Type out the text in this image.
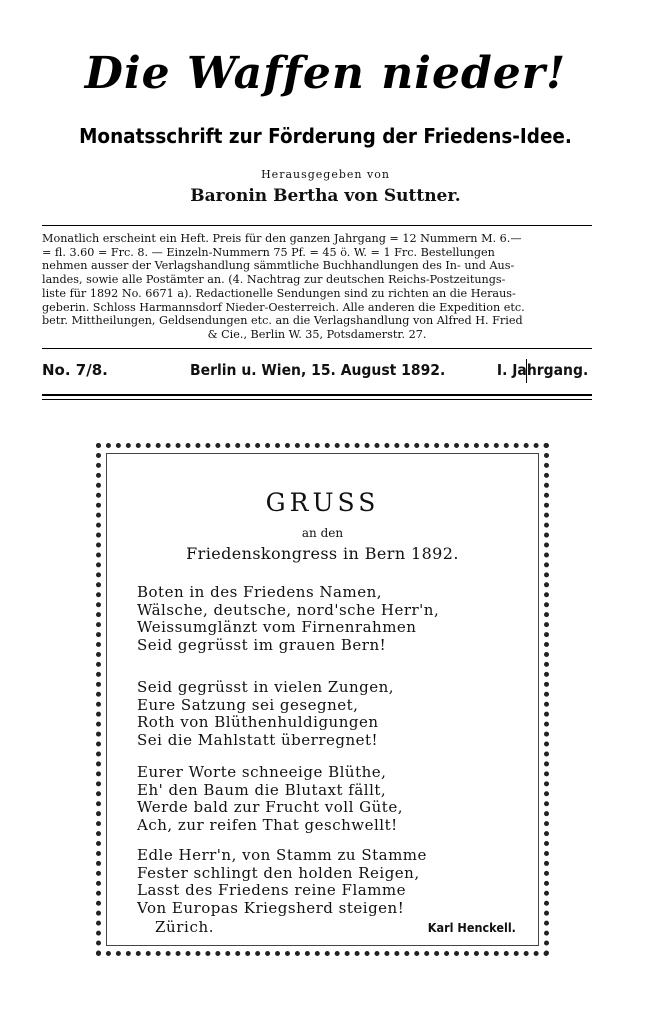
Die Waffen nieder!
Monatsschrift zur Förderung der Friedens-Idee.
Herausgegeben von
Baronin Bertha von Suttner.
Monatlich erscheint ein Heft. Preis für den ganzen Jahrgang = 12 Nummern M. 6.—
= fl. 3.60 = Frc. 8. — Einzeln-Nummern 75 Pf. = 45 ö. W. = 1 Frc. Bestellungen
nehmen ausser der Verlagshandlung sämmtliche Buchhandlungen des In- und Aus-
landes, sowie alle Postämter an. (4. Nachtrag zur deutschen Reichs-Postzeitungs-
liste für 1892 No. 6671 a). Redactionelle Sendungen sind zu richten an die Heraus-
geberin. Schloss Harmannsdorf Nieder-Oesterreich. Alle anderen die Expedition etc.
betr. Mittheilungen, Geldsendungen etc. an die Verlagshandlung von Alfred H. Fried
& Cie., Berlin W. 35, Potsdamerstr. 27.
No. 7/8.	Berlin u. Wien, 15. August 1892.	I. Jahrgang.
GRUSS
an den
Friedenskongress in Bern 1892.
Boten in des Friedens Namen,
Wälsche, deutsche, nord'sche Herr'n,
Weissumglänzt vom Firnenrahmen
Seid gegrüsst im grauen Bern!
Seid gegrüsst in vielen Zungen,
Eure Satzung sei gesegnet,
Roth von Blüthenhuldigungen
Sei die Mahlstatt überregnet!
Eurer Worte schneeige Blüthe,
Eh' den Baum die Blutaxt fällt,
Werde bald zur Frucht voll Güte,
Ach, zur reifen That geschwellt!
Edle Herr'n, von Stamm zu Stamme
Fester schlingt den holden Reigen,
Lasst des Friedens reine Flamme
Von Europas Kriegsherd steigen!
Zürich.	Karl Henckell.
